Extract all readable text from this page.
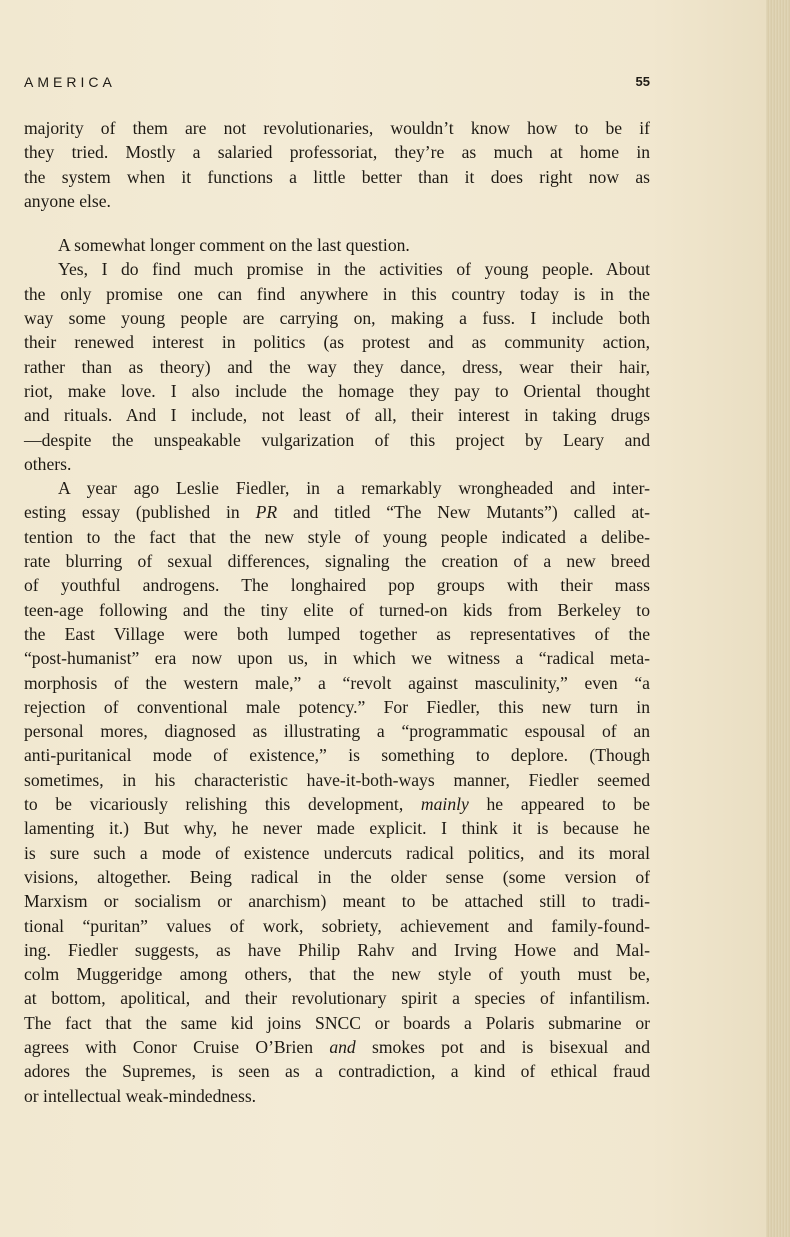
AMERICA	55
majority of them are not revolutionaries, wouldn’t know how to be if
they tried. Mostly a salaried professoriat, they’re as much at home in
the system when it functions a little better than it does right now as
anyone else.
A somewhat longer comment on the last question.
Yes, I do find much promise in the activities of young people. About
the only promise one can find anywhere in this country today is in the
way some young people are carrying on, making a fuss. I include both
their renewed interest in politics (as protest and as community action,
rather than as theory) and the way they dance, dress, wear their hair,
riot, make love. I also include the homage they pay to Oriental thought
and rituals. And I include, not least of all, their interest in taking drugs
—despite the unspeakable vulgarization of this project by Leary and
others.
A year ago Leslie Fiedler, in a remarkably wrongheaded and inter-
esting essay (published in PR and titled “The New Mutants”) called at-
tention to the fact that the new style of young people indicated a delibe-
rate blurring of sexual differences, signaling the creation of a new breed
of youthful androgens. The longhaired pop groups with their mass
teen-age following and the tiny elite of turned-on kids from Berkeley to
the East Village were both lumped together as representatives of the
“post-humanist” era now upon us, in which we witness a “radical meta-
morphosis of the western male,” a “revolt against masculinity,” even “a
rejection of conventional male potency.” For Fiedler, this new turn in
personal mores, diagnosed as illustrating a “programmatic espousal of an
anti-puritanical mode of existence,” is something to deplore. (Though
sometimes, in his characteristic have-it-both-ways manner, Fiedler seemed
to be vicariously relishing this development, mainly he appeared to be
lamenting it.) But why, he never made explicit. I think it is because he
is sure such a mode of existence undercuts radical politics, and its moral
visions, altogether. Being radical in the older sense (some version of
Marxism or socialism or anarchism) meant to be attached still to tradi-
tional “puritan” values of work, sobriety, achievement and family-found-
ing. Fiedler suggests, as have Philip Rahv and Irving Howe and Mal-
colm Muggeridge among others, that the new style of youth must be,
at bottom, apolitical, and their revolutionary spirit a species of infantilism.
The fact that the same kid joins SNCC or boards a Polaris submarine or
agrees with Conor Cruise O’Brien and smokes pot and is bisexual and
adores the Supremes, is seen as a contradiction, a kind of ethical fraud
or intellectual weak-mindedness.
